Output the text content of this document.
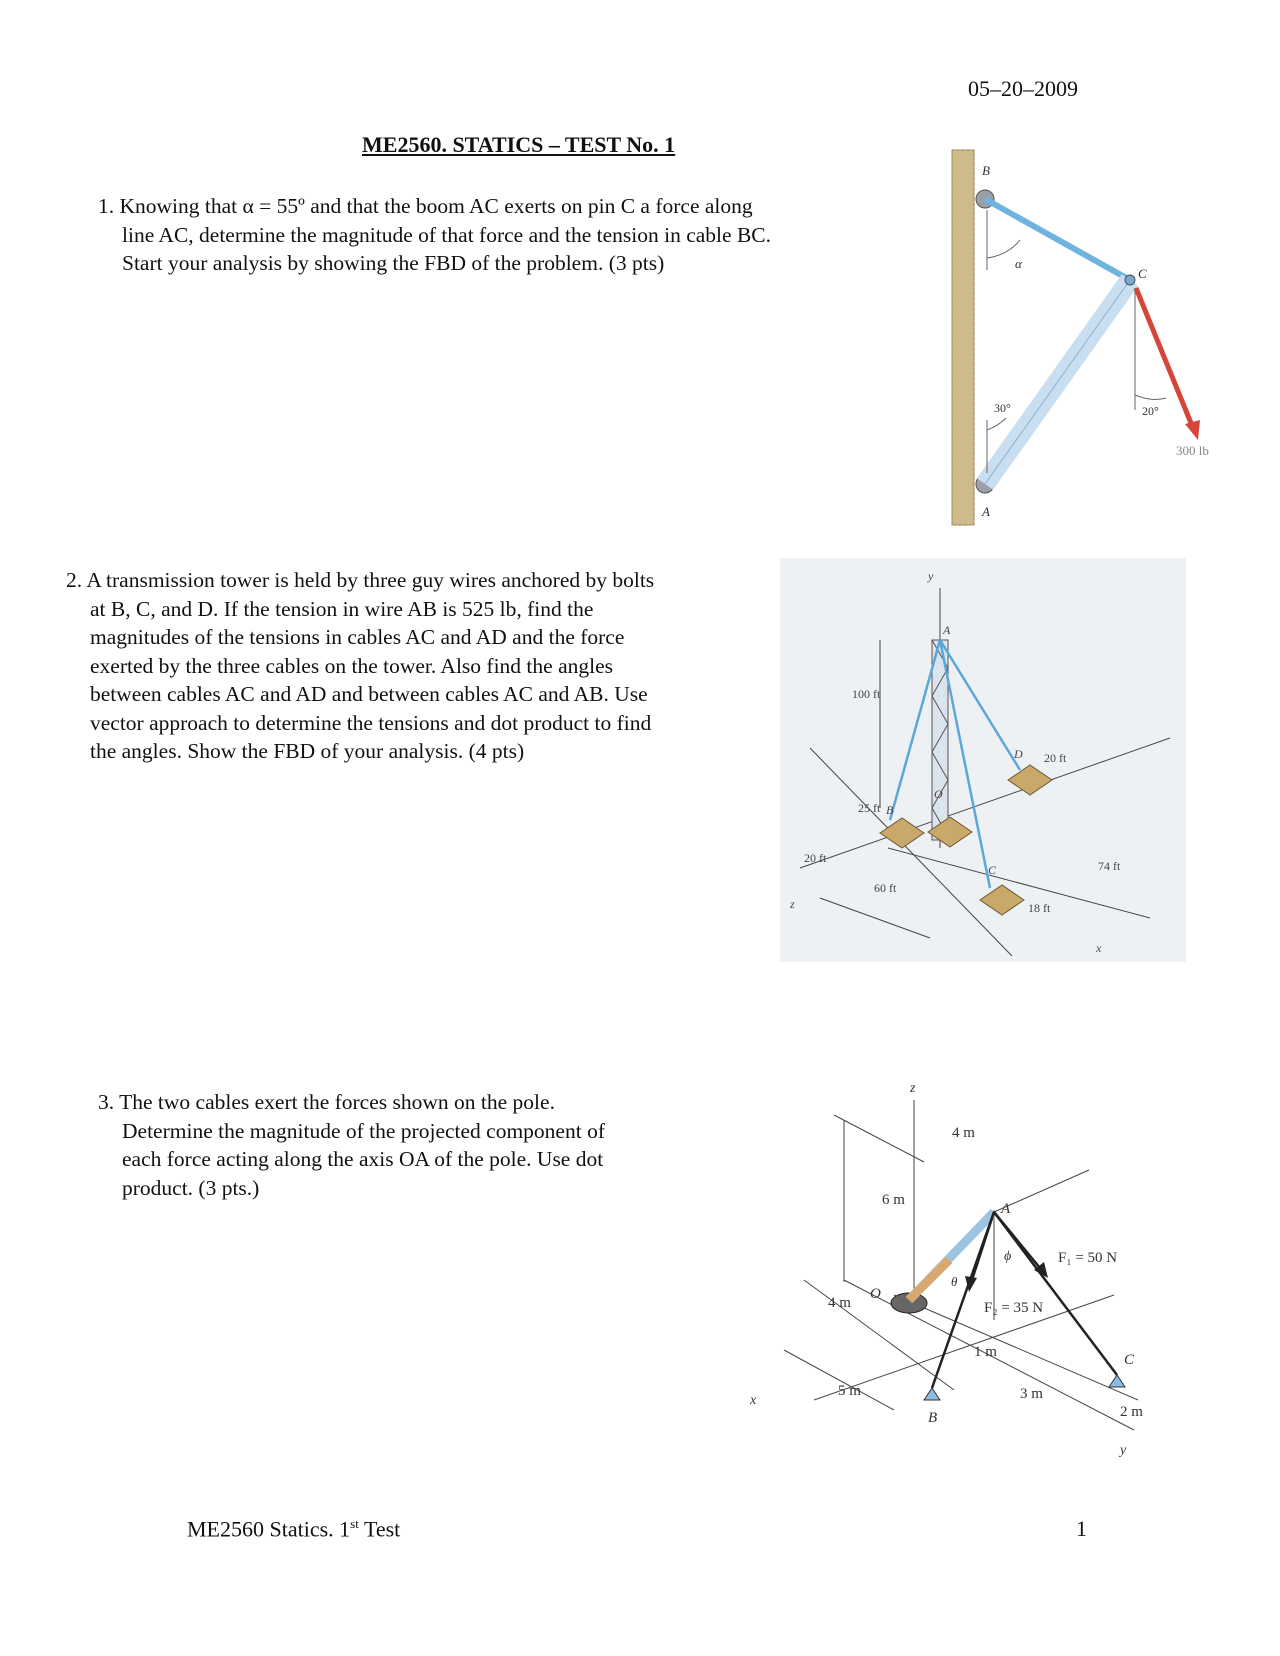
05–20–2009
ME2560. STATICS – TEST No. 1
1. Knowing that α = 55º and that the boom AC exerts on pin C a force along
line AC, determine the magnitude of that force and the tension in cable BC.
Start your analysis by showing the FBD of the problem. (3 pts)
2. A transmission tower is held by three guy wires anchored by bolts
at B, C, and D. If the tension in wire AB is 525 lb, find the
magnitudes of the tensions in cables AC and AD and the force
exerted by the three cables on the tower. Also find the angles
between cables AC and AD and between cables AC and AB. Use
vector approach to determine the tensions and dot product to find
the angles. Show the FBD of your analysis. (4 pts)
3. The two cables exert the forces shown on the pole.
Determine the magnitude of the projected component of
each force acting along the axis OA of the pole. Use dot
product. (3 pts.)
B
C
A
α
30°	20°
300 lb
y
A
B
O
C
D
x
z
100 ft
20 ft
25 ft
20 ft
60 ft
18 ft
74 ft
z
A
O
B
C
x
y
4 m
6 m
4 m
5 m
1 m
3 m
2 m
F₁ = 50 N
F₂ = 35 N
ϕ
θ
ME2560 Statics. 1st Test	1
